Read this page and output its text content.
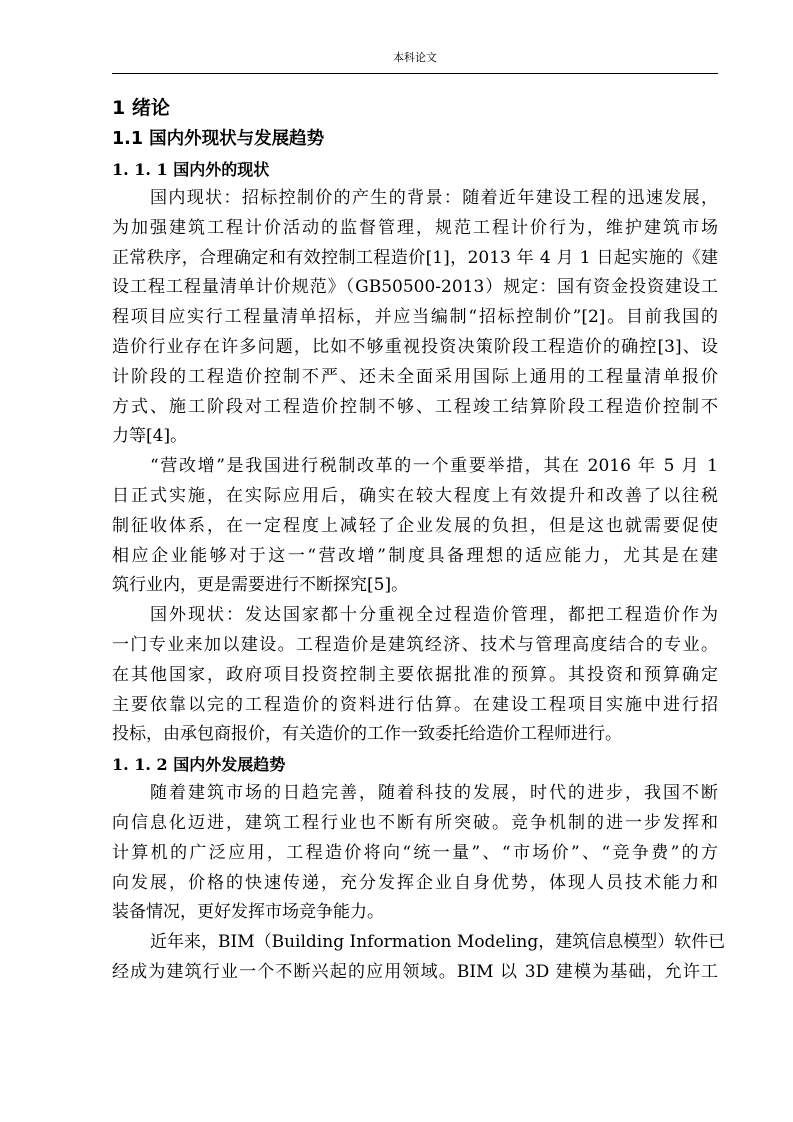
本科论文
1 绪论
1.1 国内外现状与发展趋势
1. 1. 1 国内外的现状
国内现状：招标控制价的产生的背景：随着近年建设工程的迅速发展，
为加强建筑工程计价活动的监督管理，规范工程计价行为，维护建筑市场
正常秩序，合理确定和有效控制工程造价[1]，2013 年 4 月 1 日起实施的《建
设工程工程量清单计价规范》（GB50500-2013）规定：国有资金投资建设工
程项目应实行工程量清单招标，并应当编制“招标控制价”[2]。目前我国的
造价行业存在许多问题，比如不够重视投资决策阶段工程造价的确控[3]、设
计阶段的工程造价控制不严、还未全面采用国际上通用的工程量清单报价
方式、施工阶段对工程造价控制不够、工程竣工结算阶段工程造价控制不
力等[4]。
“营改增”是我国进行税制改革的一个重要举措，其在 2016 年 5 月 1
日正式实施，在实际应用后，确实在较大程度上有效提升和改善了以往税
制征收体系，在一定程度上减轻了企业发展的负担，但是这也就需要促使
相应企业能够对于这一“营改增”制度具备理想的适应能力，尤其是在建
筑行业内，更是需要进行不断探究[5]。
国外现状：发达国家都十分重视全过程造价管理，都把工程造价作为
一门专业来加以建设。工程造价是建筑经济、技术与管理高度结合的专业。
在其他国家，政府项目投资控制主要依据批准的预算。其投资和预算确定
主要依靠以完的工程造价的资料进行估算。在建设工程项目实施中进行招
投标，由承包商报价，有关造价的工作一致委托给造价工程师进行。
1. 1. 2 国内外发展趋势
随着建筑市场的日趋完善，随着科技的发展，时代的进步，我国不断
向信息化迈进，建筑工程行业也不断有所突破。竞争机制的进一步发挥和
计算机的广泛应用，工程造价将向“统一量”、“市场价”、“竞争费”的方
向发展，价格的快速传递，充分发挥企业自身优势，体现人员技术能力和
装备情况，更好发挥市场竞争能力。
近年来，BIM（Building Information Modeling，建筑信息模型）软件已
经成为建筑行业一个不断兴起的应用领域。BIM 以 3D 建模为基础，允许工
